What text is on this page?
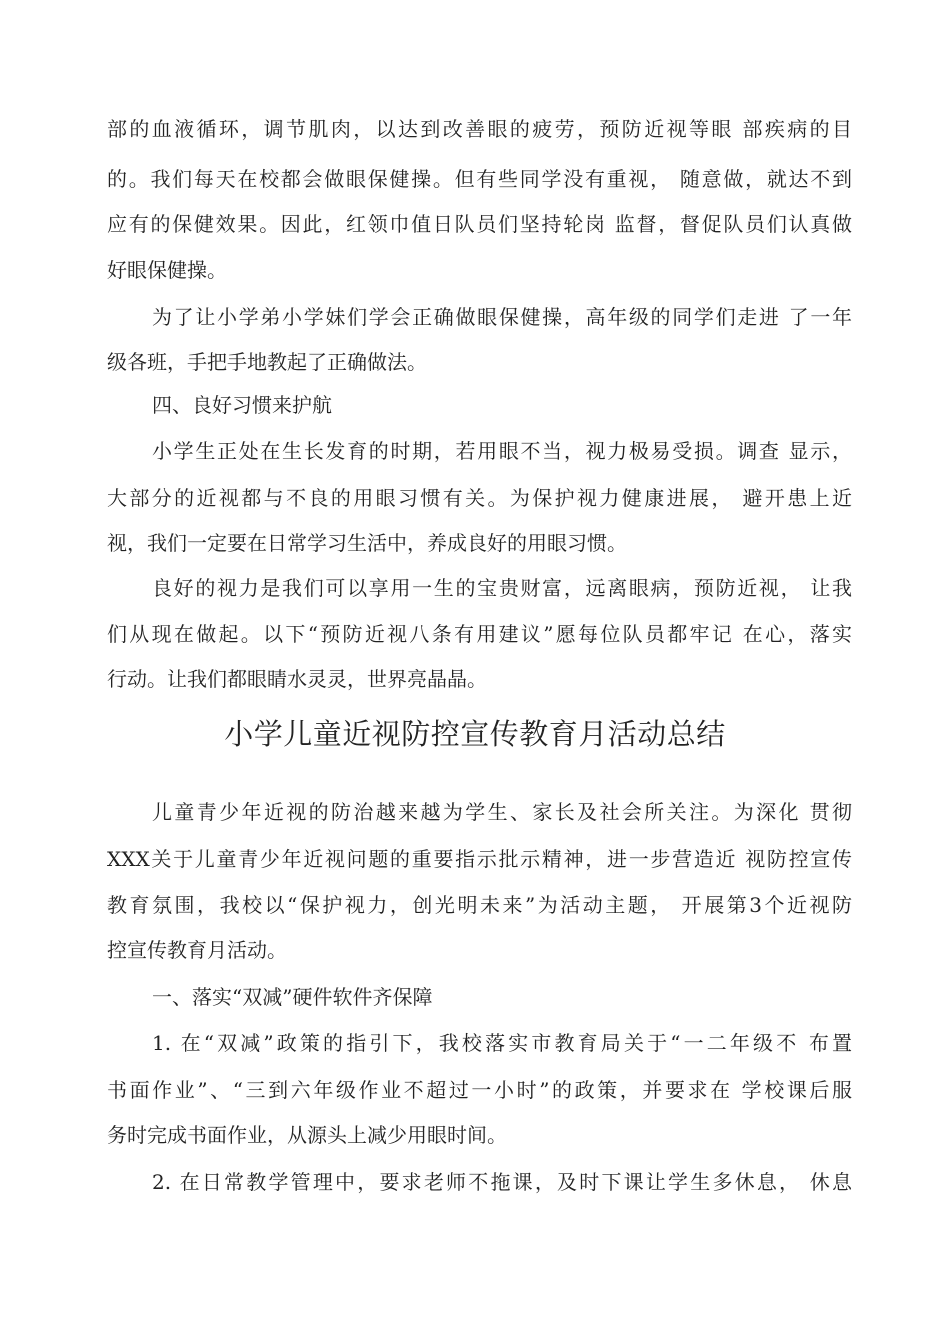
部的血液循环，调节肌肉，以达到改善眼的疲劳，预防近视等眼 部疾病的目
的。我们每天在校都会做眼保健操。但有些同学没有重视， 随意做，就达不到
应有的保健效果。因此，红领巾值日队员们坚持轮岗 监督，督促队员们认真做
好眼保健操。
为了让小学弟小学妹们学会正确做眼保健操，高年级的同学们走进 了一年
级各班，手把手地教起了正确做法。
四、良好习惯来护航
小学生正处在生长发育的时期，若用眼不当，视力极易受损。调查 显示，
大部分的近视都与不良的用眼习惯有关。为保护视力健康进展， 避开患上近
视，我们一定要在日常学习生活中，养成良好的用眼习惯。
良好的视力是我们可以享用一生的宝贵财富，远离眼病，预防近视， 让我
们从现在做起。以下“预防近视八条有用建议”愿每位队员都牢记 在心，落实
行动。让我们都眼睛水灵灵，世界亮晶晶。
小学儿童近视防控宣传教育月活动总结
儿童青少年近视的防治越来越为学生、家长及社会所关注。为深化 贯彻
XXX关于儿童青少年近视问题的重要指示批示精神，进一步营造近 视防控宣传
教育氛围，我校以“保护视力，创光明未来”为活动主题， 开展第3个近视防
控宣传教育月活动。
一、落实“双减”硬件软件齐保障
1. 在“双减”政策的指引下，我校落实市教育局关于“一二年级不 布置
书面作业”、“三到六年级作业不超过一小时”的政策，并要求在 学校课后服
务时完成书面作业，从源头上减少用眼时间。
2. 在日常教学管理中，要求老师不拖课，及时下课让学生多休息， 休息
